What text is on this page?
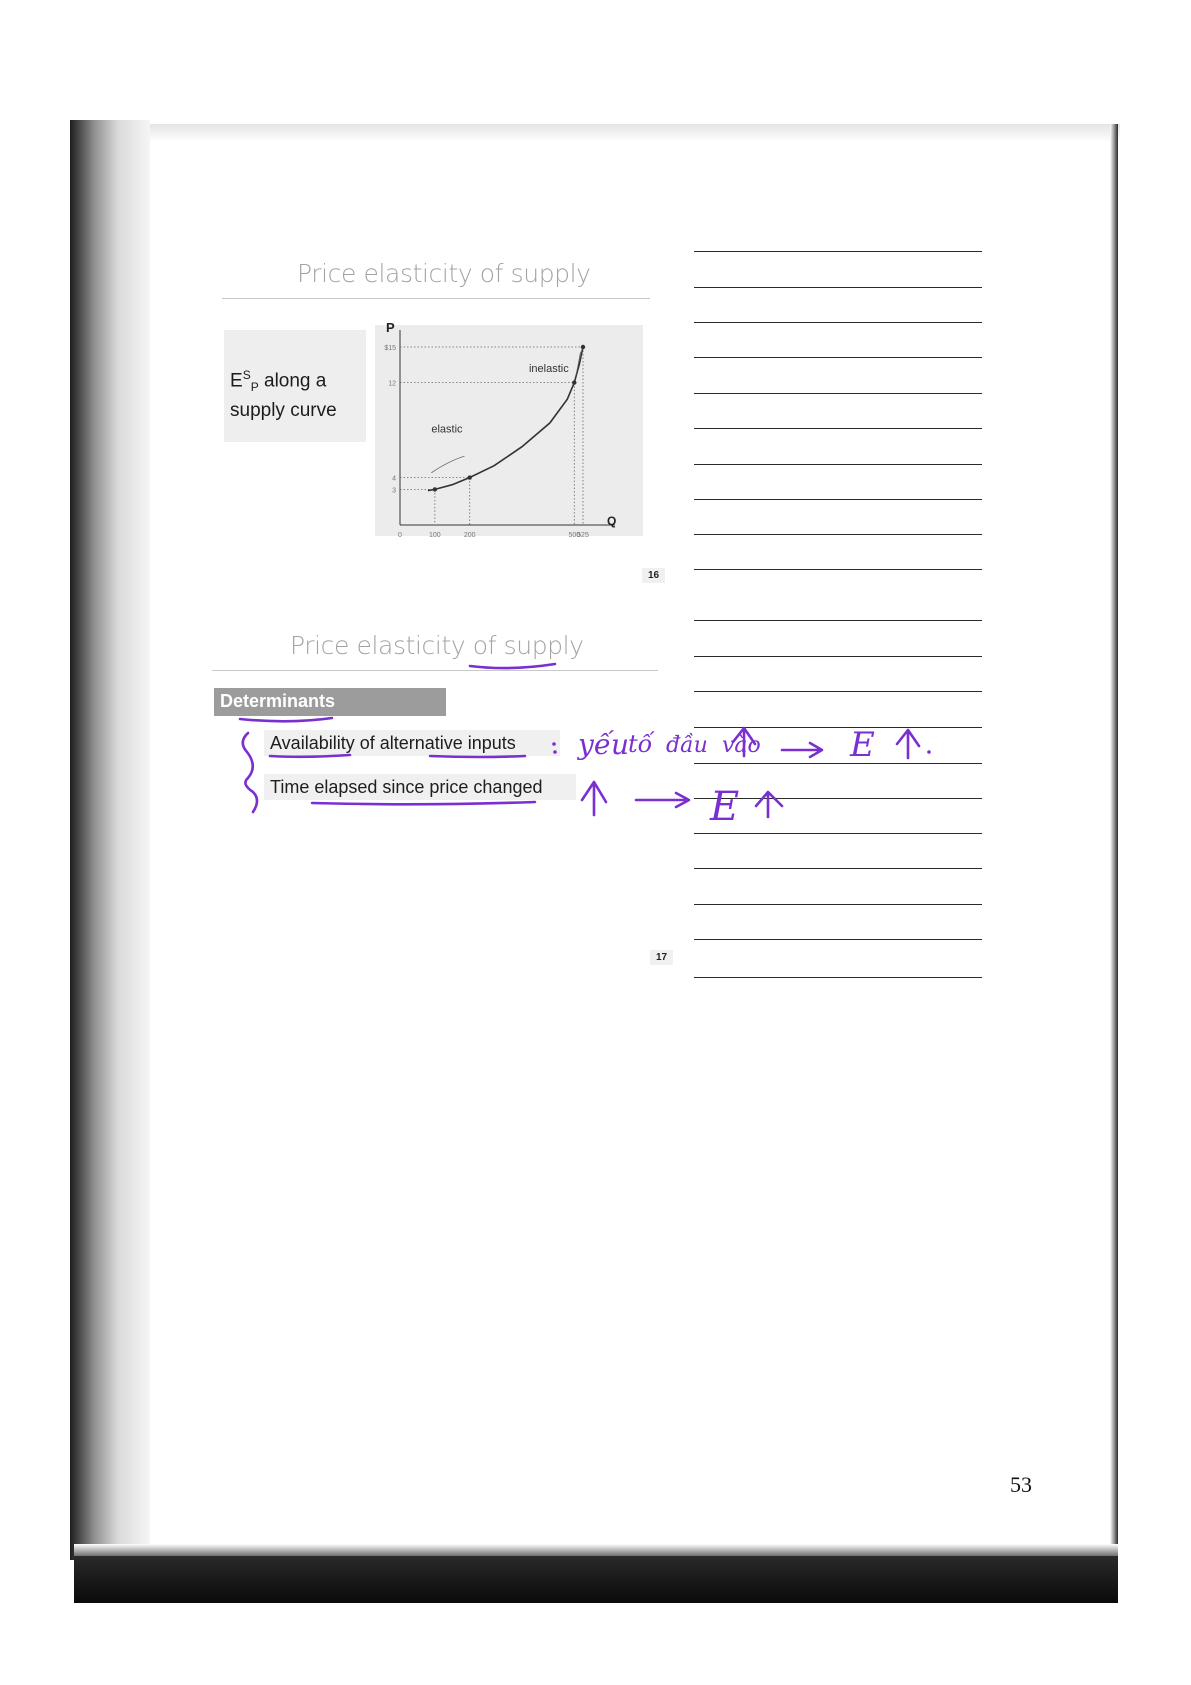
Price elasticity of supply
$E^S_P$ along a
supply curve
P
Q
$15
12
4
3
0	100	200	500
525
inelastic
elastic
16
Price elasticity of supply
Determinants
Availability of alternative inputs
Time elapsed since price changed
17
yếu
tố đầu vào	E
E
53
